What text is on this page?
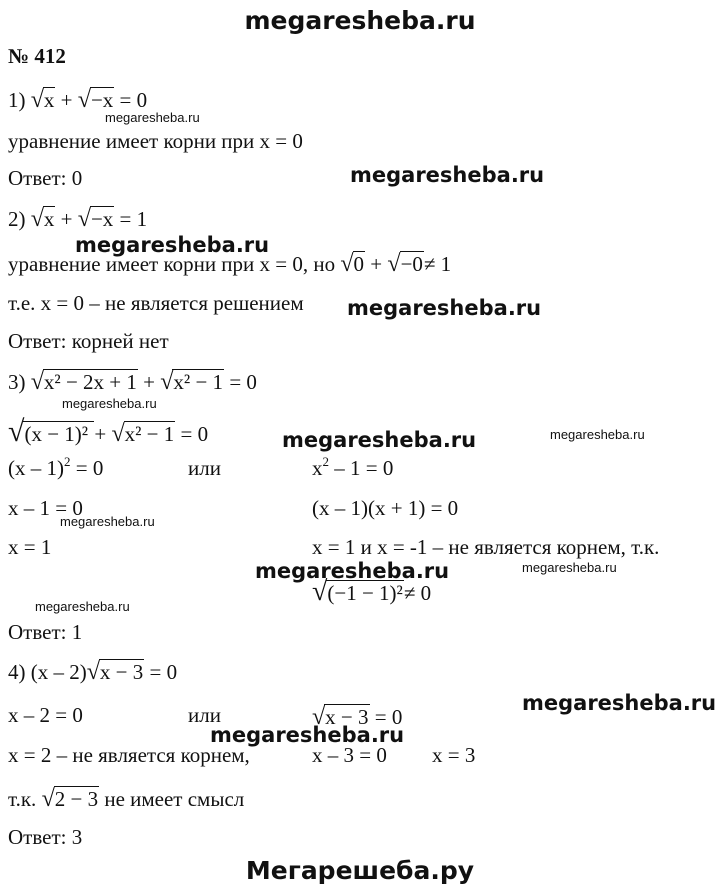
megaresheba.ru
№ 412
1) √x + √−x = 0
уравнение имеет корни при x = 0
Ответ: 0
2) √x + √−x = 1
уравнение имеет корни при x = 0, но √0 + √−0≠ 1
т.е. x = 0 – не является решением
Ответ: корней нет
3) √x² − 2x + 1 + √x² − 1 = 0
√(x − 1)² + √x² − 1 = 0
(x – 1)$^2$ = 0	или	$x^2 - 1 = 0$
x – 1 = 0	(x – 1)(x + 1) = 0
x = 1	x = 1 и x = -1 – не является корнем, т.к.
√(−1 − 1)²≠ 0
Ответ: 1
4) (x – 2)√x − 3 = 0
x – 2 = 0	или	√x − 3 = 0
x = 2 – не является корнем,	x – 3 = 0 x = 3
т.к. √2 − 3 не имеет смысл
Ответ: 3
megaresheba.ru
megaresheba.ru
megaresheba.ru
megaresheba.ru
megaresheba.ru
megaresheba.ru	megaresheba.ru
megaresheba.ru
megaresheba.ru	megaresheba.ru
megaresheba.ru
megaresheba.ru
megaresheba.ru
Мегарешеба.ру
